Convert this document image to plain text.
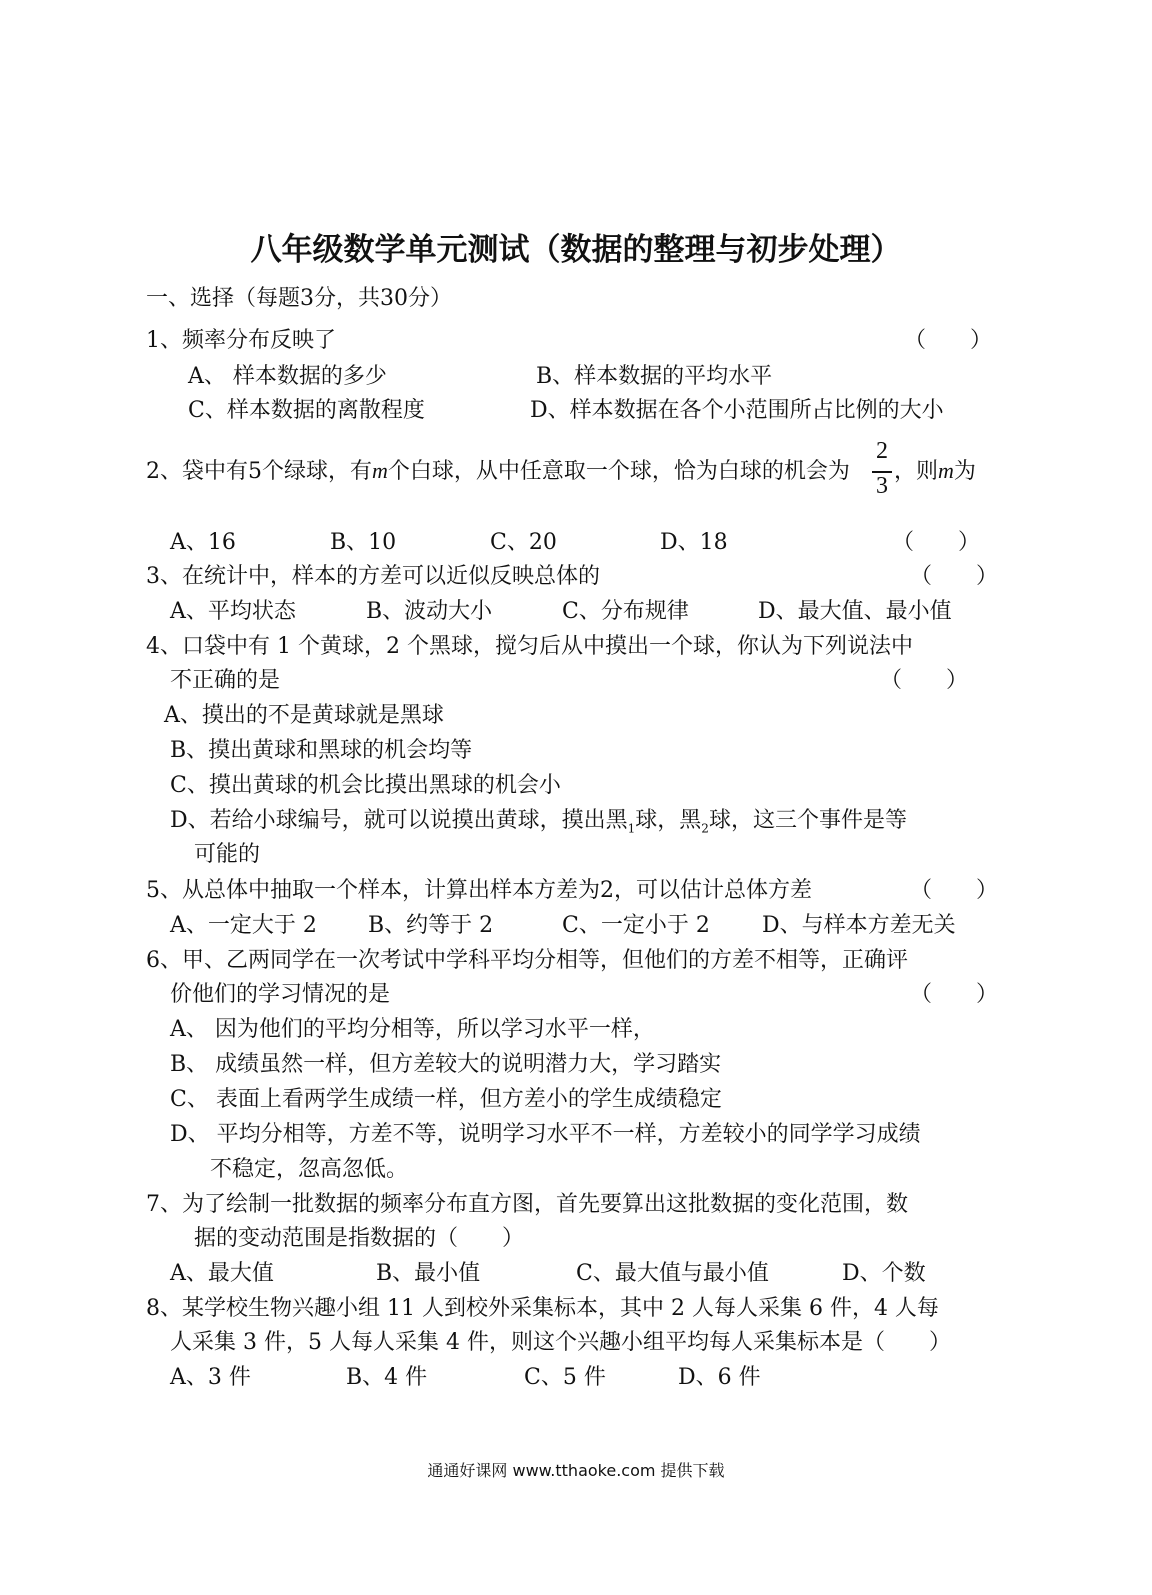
八年级数学单元测试（数据的整理与初步处理）
一、选择（每题3分，共30分）
1、频率分布反映了	（　　）
A、 样本数据的多少	B、样本数据的平均水平
C、样本数据的离散程度	D、样本数据在各个小范围所占比例的大小
2、袋中有5个绿球，有m个白球，从中任意取一个球，恰为白球的机会为
2
3
，则m为
A、16	B、10	C、20	D、18	（　　）
3、在统计中，样本的方差可以近似反映总体的	（　　）
A、平均状态	B、波动大小	C、分布规律	D、最大值、最小值
4、口袋中有 1 个黄球，2 个黑球，搅匀后从中摸出一个球，你认为下列说法中
不正确的是	（　　）
A、摸出的不是黄球就是黑球
B、摸出黄球和黑球的机会均等
C、摸出黄球的机会比摸出黑球的机会小
D、若给小球编号，就可以说摸出黄球，摸出黑$_1$球，黑$_2$球，这三个事件是等
可能的
5、从总体中抽取一个样本，计算出样本方差为2，可以估计总体方差	（　　）
A、一定大于 2 B、约等于 2	C、一定小于 2 D、与样本方差无关
6、甲、乙两同学在一次考试中学科平均分相等，但他们的方差不相等，正确评
价他们的学习情况的是	（　　）
A、 因为他们的平均分相等，所以学习水平一样，
B、 成绩虽然一样，但方差较大的说明潜力大，学习踏实
C、 表面上看两学生成绩一样，但方差小的学生成绩稳定
D、 平均分相等，方差不等，说明学习水平不一样，方差较小的同学学习成绩
不稳定，忽高忽低。
7、为了绘制一批数据的频率分布直方图，首先要算出这批数据的变化范围，数
据的变动范围是指数据的（　　）
A、最大值	B、最小值	C、最大值与最小值	D、个数
8、某学校生物兴趣小组 11 人到校外采集标本，其中 2 人每人采集 6 件，4 人每
人采集 3 件，5 人每人采集 4 件，则这个兴趣小组平均每人采集标本是（　　）
A、3 件	B、4 件	C、5 件	D、6 件
通通好课网 www.tthaoke.com 提供下载
